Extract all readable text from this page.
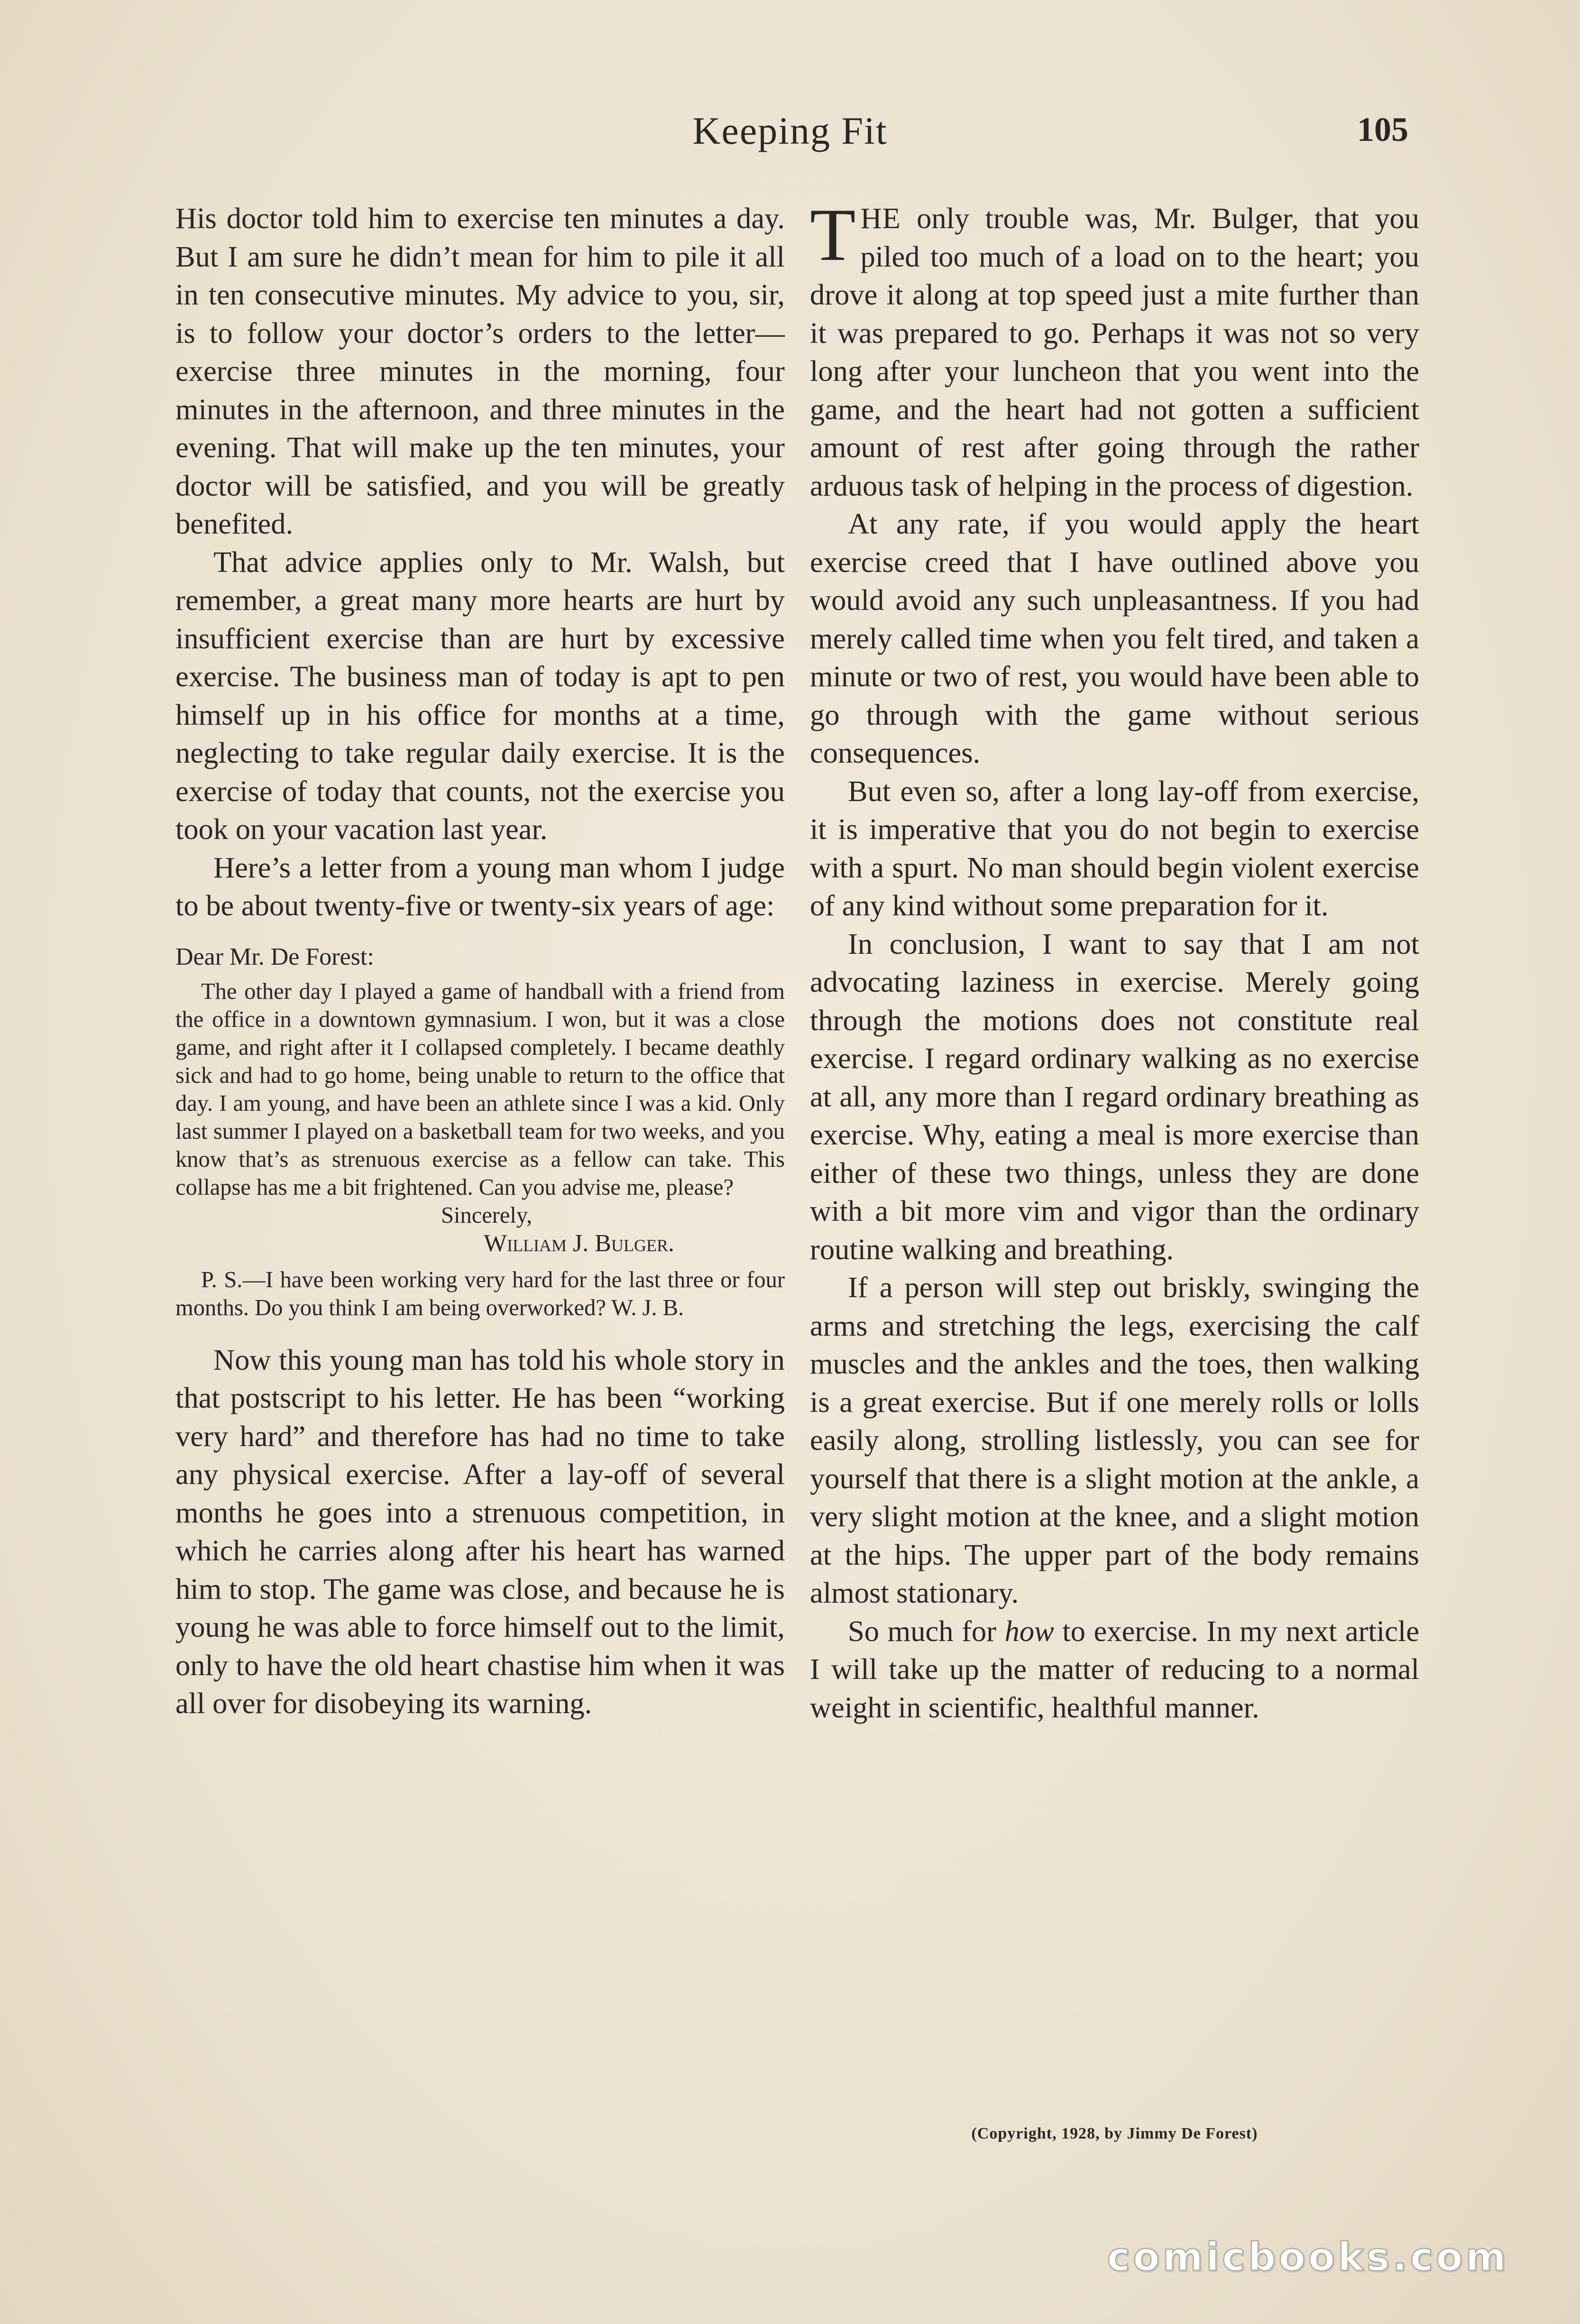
Keeping Fit	105

His doctor told him to exercise ten minutes a day. But I am sure he didn’t mean for him to pile it all in ten consecutive minutes. My advice to you, sir, is to follow your doctor’s orders to the letter—exercise three minutes in the morning, four minutes in the afternoon, and three minutes in the evening. That will make up the ten minutes, your doctor will be satisfied, and you will be greatly benefited.

That advice applies only to Mr. Walsh, but remember, a great many more hearts are hurt by insufficient exercise than are hurt by excessive exercise. The business man of today is apt to pen himself up in his office for months at a time, neglecting to take regular daily exercise. It is the exercise of today that counts, not the exercise you took on your vacation last year.

Here’s a letter from a young man whom I judge to be about twenty-five or twenty-six years of age:

Dear Mr. De Forest:
The other day I played a game of handball with a friend from the office in a downtown gymnasium. I won, but it was a close game, and right after it I collapsed completely. I became deathly sick and had to go home, being unable to return to the office that day. I am young, and have been an athlete since I was a kid. Only last summer I played on a basketball team for two weeks, and you know that’s as strenuous exercise as a fellow can take. This collapse has me a bit frightened. Can you advise me, please?
Sincerely,
William J. Bulger.
P. S.—I have been working very hard for the last three or four months. Do you think I am being overworked? W. J. B.

Now this young man has told his whole story in that postscript to his letter. He has been “working very hard” and therefore has had no time to take any physical exercise. After a lay-off of several months he goes into a strenuous competition, in which he carries along after his heart has warned him to stop. The game was close, and because he is young he was able to force himself out to the limit, only to have the old heart chastise him when it was all over for disobeying its warning.

THE only trouble was, Mr. Bulger, that you piled too much of a load on to the heart; you drove it along at top speed just a mite further than it was prepared to go. Perhaps it was not so very long after your luncheon that you went into the game, and the heart had not gotten a sufficient amount of rest after going through the rather arduous task of helping in the process of digestion.

At any rate, if you would apply the heart exercise creed that I have outlined above you would avoid any such unpleasantness. If you had merely called time when you felt tired, and taken a minute or two of rest, you would have been able to go through with the game without serious consequences.

But even so, after a long lay-off from exercise, it is imperative that you do not begin to exercise with a spurt. No man should begin violent exercise of any kind without some preparation for it.

In conclusion, I want to say that I am not advocating laziness in exercise. Merely going through the motions does not constitute real exercise. I regard ordinary walking as no exercise at all, any more than I regard ordinary breathing as exercise. Why, eating a meal is more exercise than either of these two things, unless they are done with a bit more vim and vigor than the ordinary routine walking and breathing.

If a person will step out briskly, swinging the arms and stretching the legs, exercising the calf muscles and the ankles and the toes, then walking is a great exercise. But if one merely rolls or lolls easily along, strolling listlessly, you can see for yourself that there is a slight motion at the ankle, a very slight motion at the knee, and a slight motion at the hips. The upper part of the body remains almost stationary.

So much for how to exercise. In my next article I will take up the matter of reducing to a normal weight in scientific, healthful manner.

(Copyright, 1928, by Jimmy De Forest)
comicbooks.com
